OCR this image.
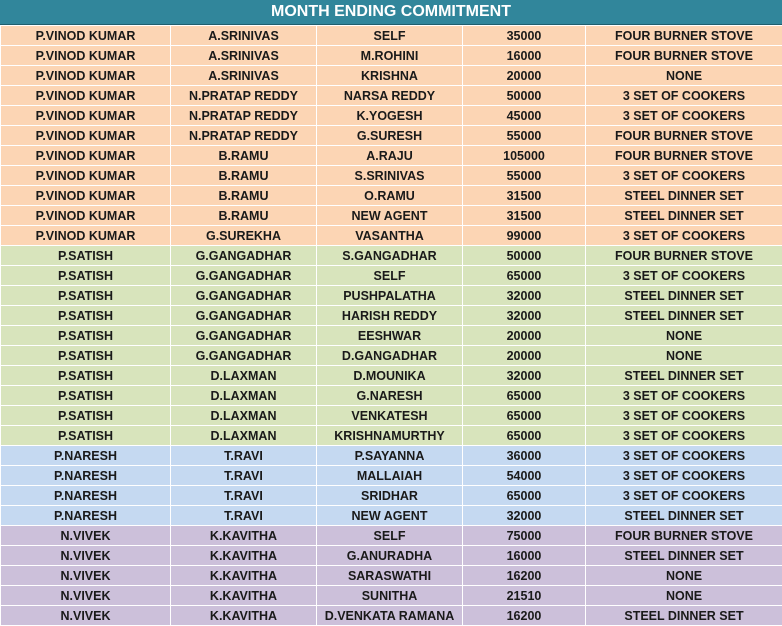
MONTH ENDING COMMITMENT
P.VINOD KUMAR	A.SRINIVAS	SELF	35000	FOUR BURNER STOVE
P.VINOD KUMAR	A.SRINIVAS	M.ROHINI	16000	FOUR BURNER STOVE
P.VINOD KUMAR	A.SRINIVAS	KRISHNA	20000	NONE
P.VINOD KUMAR	N.PRATAP REDDY	NARSA REDDY	50000	3 SET OF COOKERS
P.VINOD KUMAR	N.PRATAP REDDY	K.YOGESH	45000	3 SET OF COOKERS
P.VINOD KUMAR	N.PRATAP REDDY	G.SURESH	55000	FOUR BURNER STOVE
P.VINOD KUMAR	B.RAMU	A.RAJU	105000	FOUR BURNER STOVE
P.VINOD KUMAR	B.RAMU	S.SRINIVAS	55000	3 SET OF COOKERS
P.VINOD KUMAR	B.RAMU	O.RAMU	31500	STEEL DINNER SET
P.VINOD KUMAR	B.RAMU	NEW AGENT	31500	STEEL DINNER SET
P.VINOD KUMAR	G.SUREKHA	VASANTHA	99000	3 SET OF COOKERS
P.SATISH	G.GANGADHAR	S.GANGADHAR	50000	FOUR BURNER STOVE
P.SATISH	G.GANGADHAR	SELF	65000	3 SET OF COOKERS
P.SATISH	G.GANGADHAR	PUSHPALATHA	32000	STEEL DINNER SET
P.SATISH	G.GANGADHAR	HARISH REDDY	32000	STEEL DINNER SET
P.SATISH	G.GANGADHAR	EESHWAR	20000	NONE
P.SATISH	G.GANGADHAR	D.GANGADHAR	20000	NONE
P.SATISH	D.LAXMAN	D.MOUNIKA	32000	STEEL DINNER SET
P.SATISH	D.LAXMAN	G.NARESH	65000	3 SET OF COOKERS
P.SATISH	D.LAXMAN	VENKATESH	65000	3 SET OF COOKERS
P.SATISH	D.LAXMAN	KRISHNAMURTHY	65000	3 SET OF COOKERS
P.NARESH	T.RAVI	P.SAYANNA	36000	3 SET OF COOKERS
P.NARESH	T.RAVI	MALLAIAH	54000	3 SET OF COOKERS
P.NARESH	T.RAVI	SRIDHAR	65000	3 SET OF COOKERS
P.NARESH	T.RAVI	NEW AGENT	32000	STEEL DINNER SET
N.VIVEK	K.KAVITHA	SELF	75000	FOUR BURNER STOVE
N.VIVEK	K.KAVITHA	G.ANURADHA	16000	STEEL DINNER SET
N.VIVEK	K.KAVITHA	SARASWATHI	16200	NONE
N.VIVEK	K.KAVITHA	SUNITHA	21510	NONE
N.VIVEK	K.KAVITHA	D.VENKATA RAMANA	16200	STEEL DINNER SET
